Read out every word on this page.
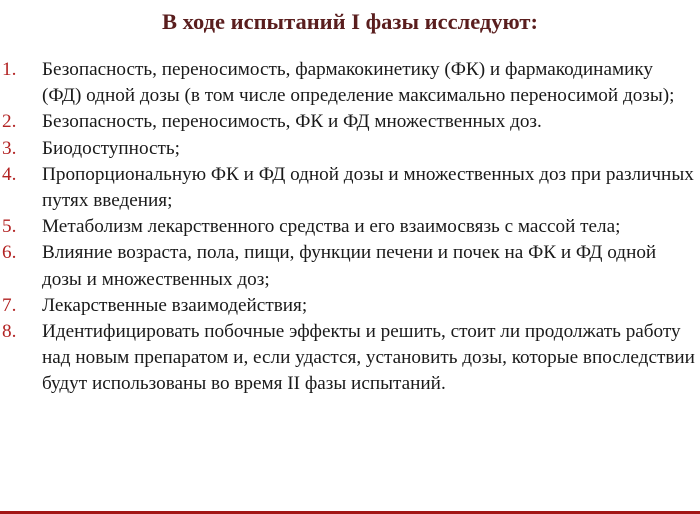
В ходе испытаний I фазы исследуют:
1. Безопасность, переносимость, фармакокинетику (ФК) и фармакодинамику (ФД) одной дозы (в том числе определение максимально переносимой дозы);
2. Безопасность, переносимость, ФК и ФД множественных доз.
3. Биодоступность;
4. Пропорциональную ФК и ФД одной дозы и множественных доз при различных путях введения;
5. Метаболизм лекарственного средства и его взаимосвязь с массой тела;
6. Влияние возраста, пола, пищи, функции печени и почек на ФК и ФД одной дозы и множественных доз;
7. Лекарственные взаимодействия;
8. Идентифицировать побочные эффекты и решить, стоит ли продолжать работу над новым препаратом и, если удастся, установить дозы, которые впоследствии будут использованы во время II фазы испытаний.
